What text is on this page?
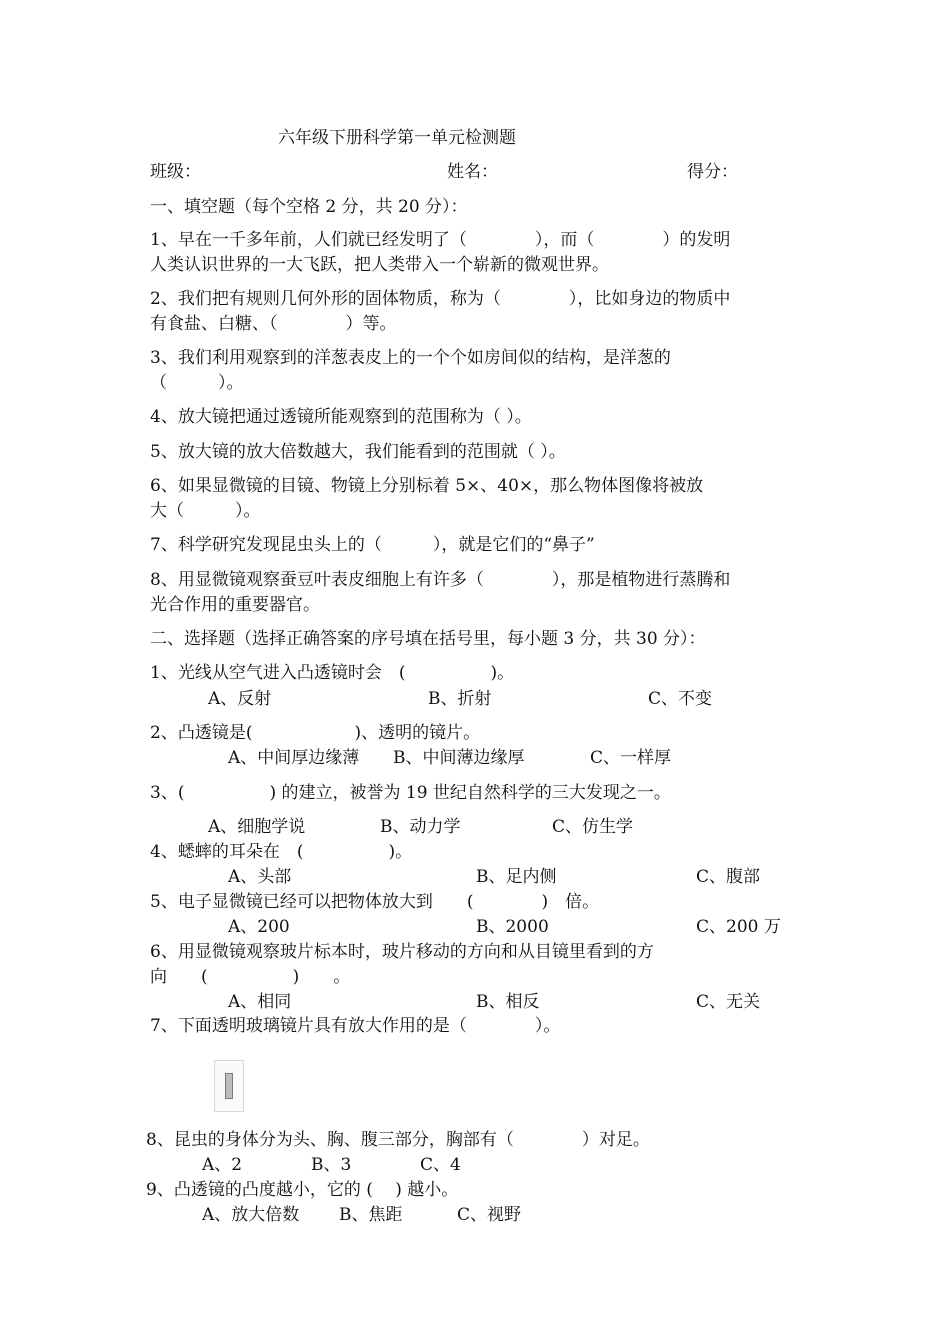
六年级下册科学第一单元检测题
班级：	姓名：	得分：
一、填空题（每个空格 2 分，共 20 分）：
1、早在一千多年前，人们就已经发明了（　　　　），而（　　　　）的发明
人类认识世界的一大飞跃，把人类带入一个崭新的微观世界。
2、我们把有规则几何外形的固体物质，称为（　　　　），比如身边的物质中
有食盐、白糖、（　　　　）等。
3、我们利用观察到的洋葱表皮上的一个个如房间似的结构，是洋葱的
（　　　）。
4、放大镜把通过透镜所能观察到的范围称为（ ）。
5、放大镜的放大倍数越大，我们能看到的范围就（ ）。
6、如果显微镜的目镜、物镜上分别标着 5×、40×，那么物体图像将被放
大（　　　）。
7、科学研究发现昆虫头上的（　　　），就是它们的“鼻子”
8、用显微镜观察蚕豆叶表皮细胞上有许多（　　　　），那是植物进行蒸腾和
光合作用的重要器官。
二、选择题（选择正确答案的序号填在括号里，每小题 3 分，共 30 分）：
1、光线从空气进入凸透镜时会　(　　　　　)。
A、反射	B、折射	C、不变
2、凸透镜是(　　　　　　)、透明的镜片。
A、中间厚边缘薄 B、中间薄边缘厚	C、一样厚
3、(　　　　　) 的建立，被誉为 19 世纪自然科学的三大发现之一。
A、细胞学说	B、动力学	C、仿生学
4、蟋蟀的耳朵在　(　　　　　)。
A、头部	B、足内侧	C、腹部
5、电子显微镜已经可以把物体放大到　　(　　　　)　倍。
A、200	B、2000	C、200 万
6、用显微镜观察玻片标本时，玻片移动的方向和从目镜里看到的方
向　　(　　　　　)　　。
A、相同	B、相反	C、无关
7、下面透明玻璃镜片具有放大作用的是（　　　　）。
8、昆虫的身体分为头、胸、腹三部分，胸部有（　　　　）对足。
A、2	B、3	C、4
9、凸透镜的凸度越小，它的 (　 ) 越小。
A、放大倍数 B、焦距	C、视野
